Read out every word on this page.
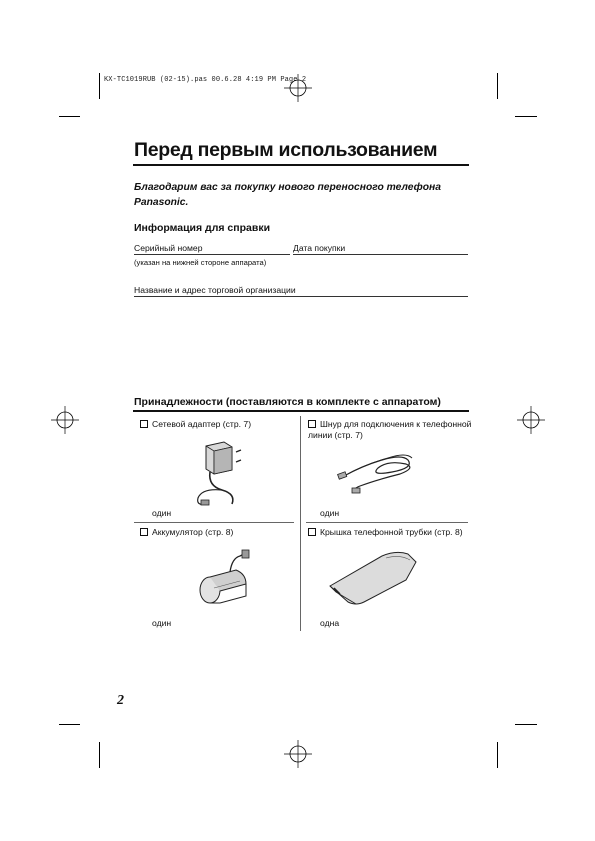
KX-TC1019RUB (02-15).pas 00.6.28 4:19 PM Page 2
Перед первым использованием
Благодарим вас за покупку нового переносного телефона Panasonic.
Информация для справки
Серийный номер
(указан на нижней стороне аппарата)
Дата покупки
Название и адрес торговой организации
Принадлежности (поставляются в комплекте с аппаратом)
Сетевой адаптер (стр. 7)
один
Шнур для подключения к телефонной линии (стр. 7)
один
Аккумулятор (стр. 8)
один
Крышка телефонной трубки (стр. 8)
одна
2
